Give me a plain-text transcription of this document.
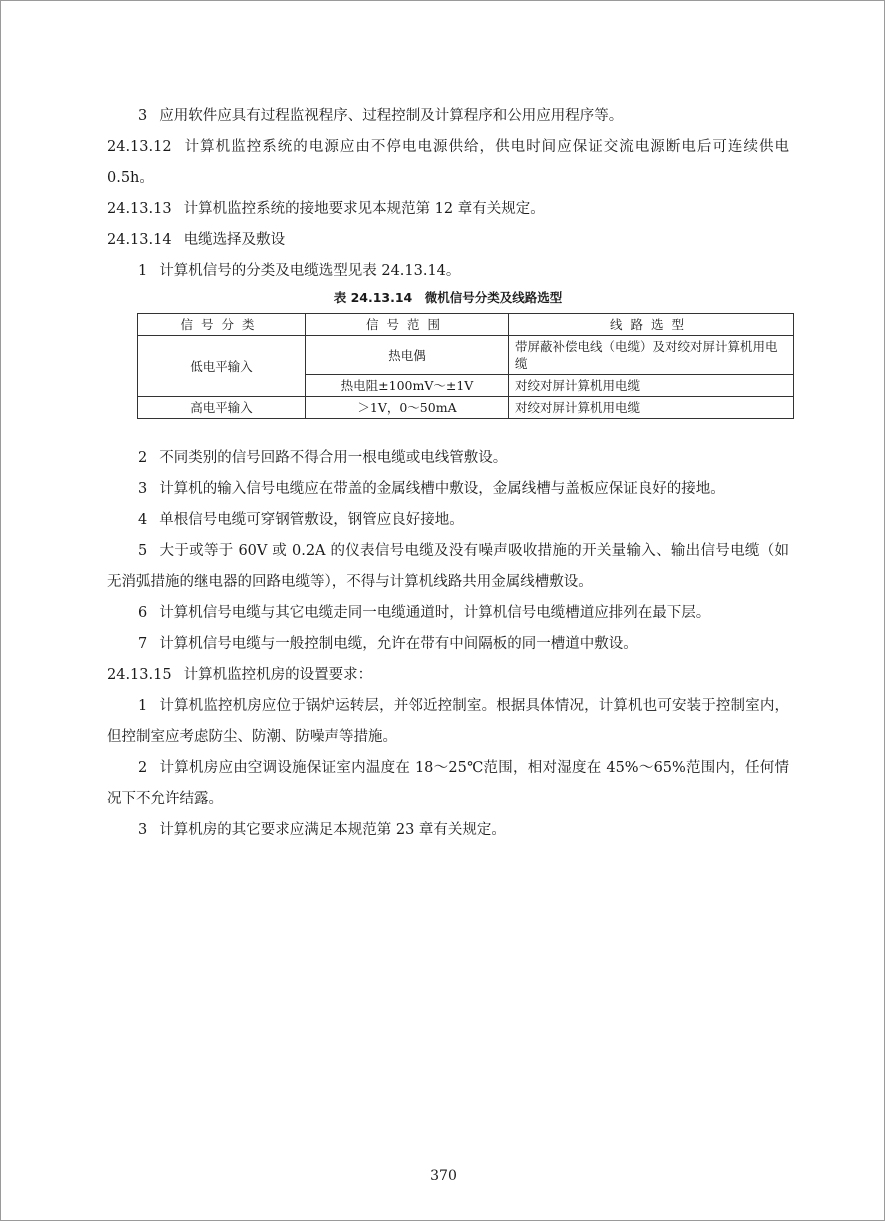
3 应用软件应具有过程监视程序、过程控制及计算程序和公用应用程序等。

24.13.12 计算机监控系统的电源应由不停电电源供给，供电时间应保证交流电源断电后可连续供电 0.5h。

24.13.13 计算机监控系统的接地要求见本规范第 12 章有关规定。

24.13.14 电缆选择及敷设

1 计算机信号的分类及电缆选型见表 24.13.14。

表 24.13.14　微机信号分类及线路选型
信号分类	信号范围	线路选型
低电平输入	热电偶	带屏蔽补偿电线（电缆）及对绞对屏计算机用电缆
	热电阻±100mV～±1V	对绞对屏计算机用电缆
高电平输入	＞1V，0～50mA	对绞对屏计算机用电缆

2 不同类别的信号回路不得合用一根电缆或电线管敷设。

3 计算机的输入信号电缆应在带盖的金属线槽中敷设，金属线槽与盖板应保证良好的接地。

4 单根信号电缆可穿钢管敷设，钢管应良好接地。

5 大于或等于 60V 或 0.2A 的仪表信号电缆及没有噪声吸收措施的开关量输入、输出信号电缆（如无消弧措施的继电器的回路电缆等），不得与计算机线路共用金属线槽敷设。

6 计算机信号电缆与其它电缆走同一电缆通道时，计算机信号电缆槽道应排列在最下层。

7 计算机信号电缆与一般控制电缆，允许在带有中间隔板的同一槽道中敷设。

24.13.15 计算机监控机房的设置要求：

1 计算机监控机房应位于锅炉运转层，并邻近控制室。根据具体情况，计算机也可安装于控制室内，但控制室应考虑防尘、防潮、防噪声等措施。

2 计算机房应由空调设施保证室内温度在 18～25℃范围，相对湿度在 45%～65%范围内，任何情况下不允许结露。

3 计算机房的其它要求应满足本规范第 23 章有关规定。

370
